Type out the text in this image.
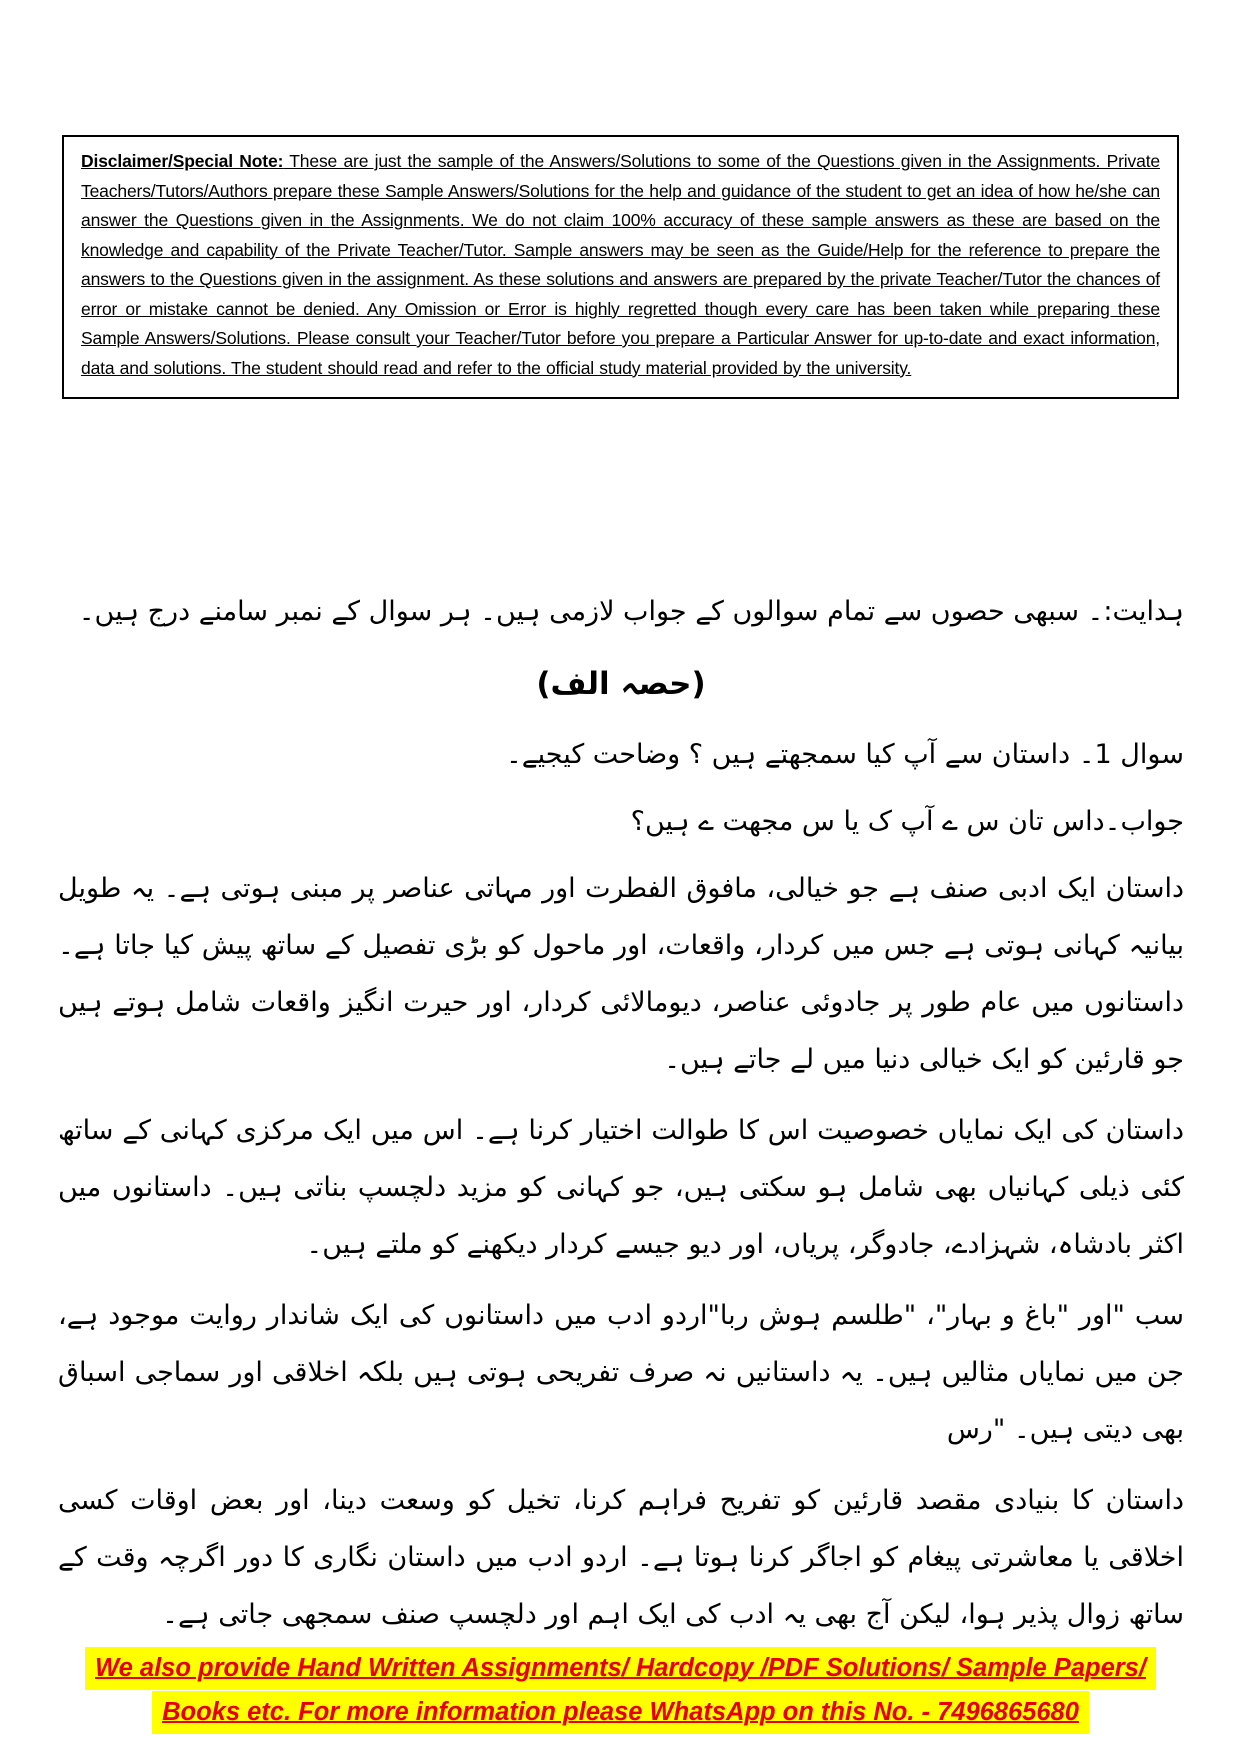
Disclaimer/Special Note: These are just the sample of the Answers/Solutions to some of the Questions given in the Assignments. Private Teachers/Tutors/Authors prepare these Sample Answers/Solutions for the help and guidance of the student to get an idea of how he/she can answer the Questions given in the Assignments. We do not claim 100% accuracy of these sample answers as these are based on the knowledge and capability of the Private Teacher/Tutor. Sample answers may be seen as the Guide/Help for the reference to prepare the answers to the Questions given in the assignment. As these solutions and answers are prepared by the private Teacher/Tutor the chances of error or mistake cannot be denied. Any Omission or Error is highly regretted though every care has been taken while preparing these Sample Answers/Solutions. Please consult your Teacher/Tutor before you prepare a Particular Answer for up-to-date and exact information, data and solutions. The student should read and refer to the official study material provided by the university.

ہدایت:۔ سبھی حصوں سے تمام سوالوں کے جواب لازمی ہیں۔ ہر سوال کے نمبر سامنے درج ہیں۔
(حصہ الف)
سوال 1۔ داستان سے آپ کیا سمجھتے ہیں ؟ وضاحت کیجیے۔
جواب۔داس تان س ے آپ ک یا س مجھت ے ہیں؟
داستان ایک ادبی صنف ہے جو خیالی، مافوق الفطرت اور مہاتی عناصر پر مبنی ہوتی ہے۔ یہ طویل بیانیہ کہانی ہوتی ہے جس میں کردار، واقعات، اور ماحول کو بڑی تفصیل کے ساتھ پیش کیا جاتا ہے۔ داستانوں میں عام طور پر جادوئی عناصر، دیومالائی کردار، اور حیرت انگیز واقعات شامل ہوتے ہیں جو قارئین کو ایک خیالی دنیا میں لے جاتے ہیں۔
داستان کی ایک نمایاں خصوصیت اس کا طوالت اختیار کرنا ہے۔ اس میں ایک مرکزی کہانی کے ساتھ کئی ذیلی کہانیاں بھی شامل ہو سکتی ہیں، جو کہانی کو مزید دلچسپ بناتی ہیں۔ داستانوں میں اکثر بادشاہ، شہزادے، جادوگر، پریاں، اور دیو جیسے کردار دیکھنے کو ملتے ہیں۔
سب "اور "باغ و بہار"، "طلسم ہوش ربا"اردو ادب میں داستانوں کی ایک شاندار روایت موجود ہے، جن میں نمایاں مثالیں ہیں۔ یہ داستانیں نہ صرف تفریحی ہوتی ہیں بلکہ اخلاقی اور سماجی اسباق بھی دیتی ہیں۔ "رس
داستان کا بنیادی مقصد قارئین کو تفریح فراہم کرنا، تخیل کو وسعت دینا، اور بعض اوقات کسی اخلاقی یا معاشرتی پیغام کو اجاگر کرنا ہوتا ہے۔ اردو ادب میں داستان نگاری کا دور اگرچہ وقت کے ساتھ زوال پذیر ہوا، لیکن آج بھی یہ ادب کی ایک اہم اور دلچسپ صنف سمجھی جاتی ہے۔
We also provide Hand Written Assignments/ Hardcopy /PDF Solutions/ Sample Papers/
Books etc. For more information please WhatsApp on this No. - 7496865680
